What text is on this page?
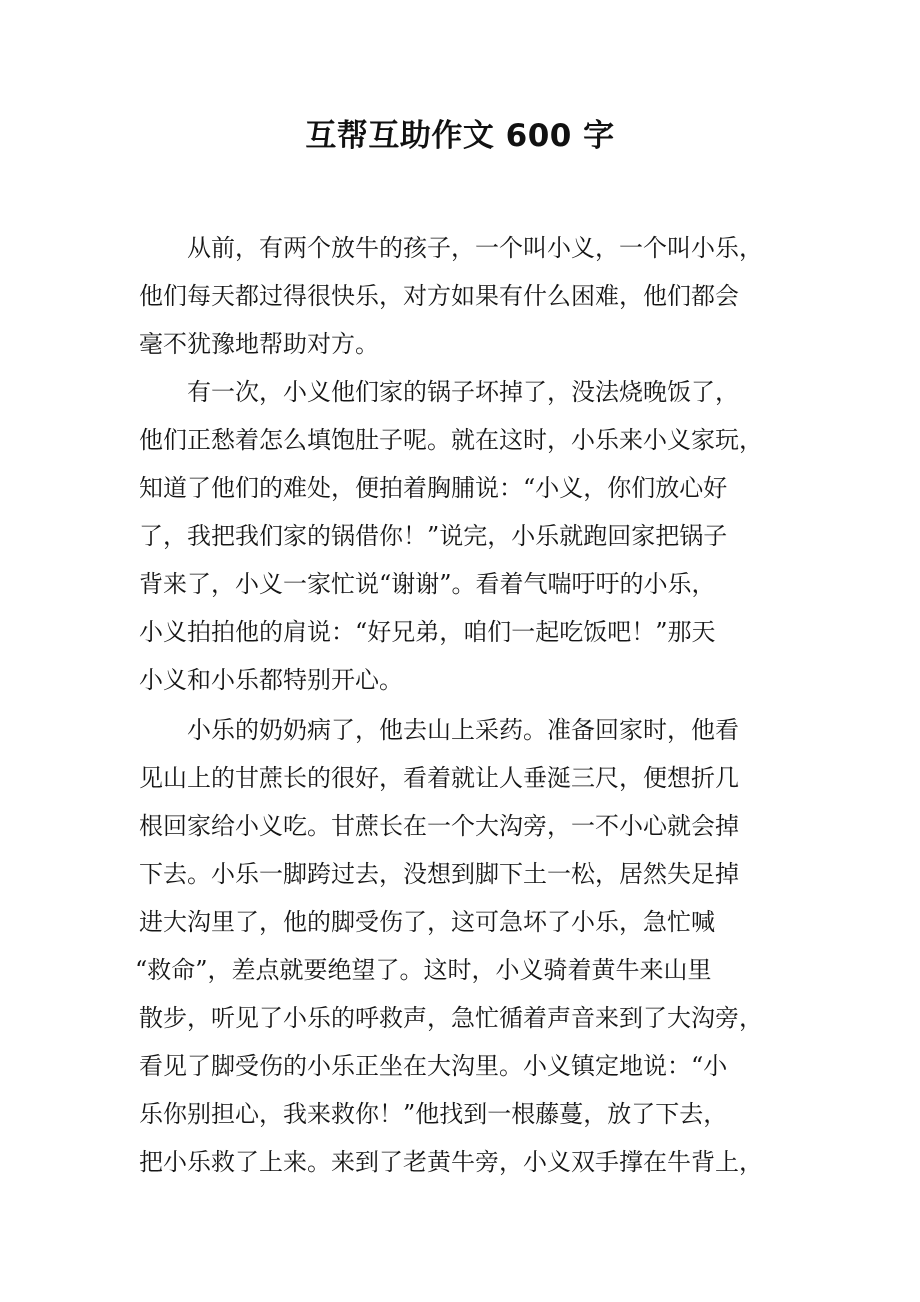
互帮互助作文 600 字
从前，有两个放牛的孩子，一个叫小义，一个叫小乐，
他们每天都过得很快乐，对方如果有什么困难，他们都会
毫不犹豫地帮助对方。
有一次，小义他们家的锅子坏掉了，没法烧晚饭了，
他们正愁着怎么填饱肚子呢。就在这时，小乐来小义家玩，
知道了他们的难处，便拍着胸脯说：“小义，你们放心好
了，我把我们家的锅借你！”说完，小乐就跑回家把锅子
背来了，小义一家忙说“谢谢”。看着气喘吁吁的小乐，
小义拍拍他的肩说：“好兄弟，咱们一起吃饭吧！”那天
小义和小乐都特别开心。
小乐的奶奶病了，他去山上采药。准备回家时，他看
见山上的甘蔗长的很好，看着就让人垂涎三尺，便想折几
根回家给小义吃。甘蔗长在一个大沟旁，一不小心就会掉
下去。小乐一脚跨过去，没想到脚下土一松，居然失足掉
进大沟里了，他的脚受伤了，这可急坏了小乐，急忙喊
“救命”，差点就要绝望了。这时，小义骑着黄牛来山里
散步，听见了小乐的呼救声，急忙循着声音来到了大沟旁，
看见了脚受伤的小乐正坐在大沟里。小义镇定地说：“小
乐你别担心，我来救你！”他找到一根藤蔓，放了下去，
把小乐救了上来。来到了老黄牛旁，小义双手撑在牛背上，
